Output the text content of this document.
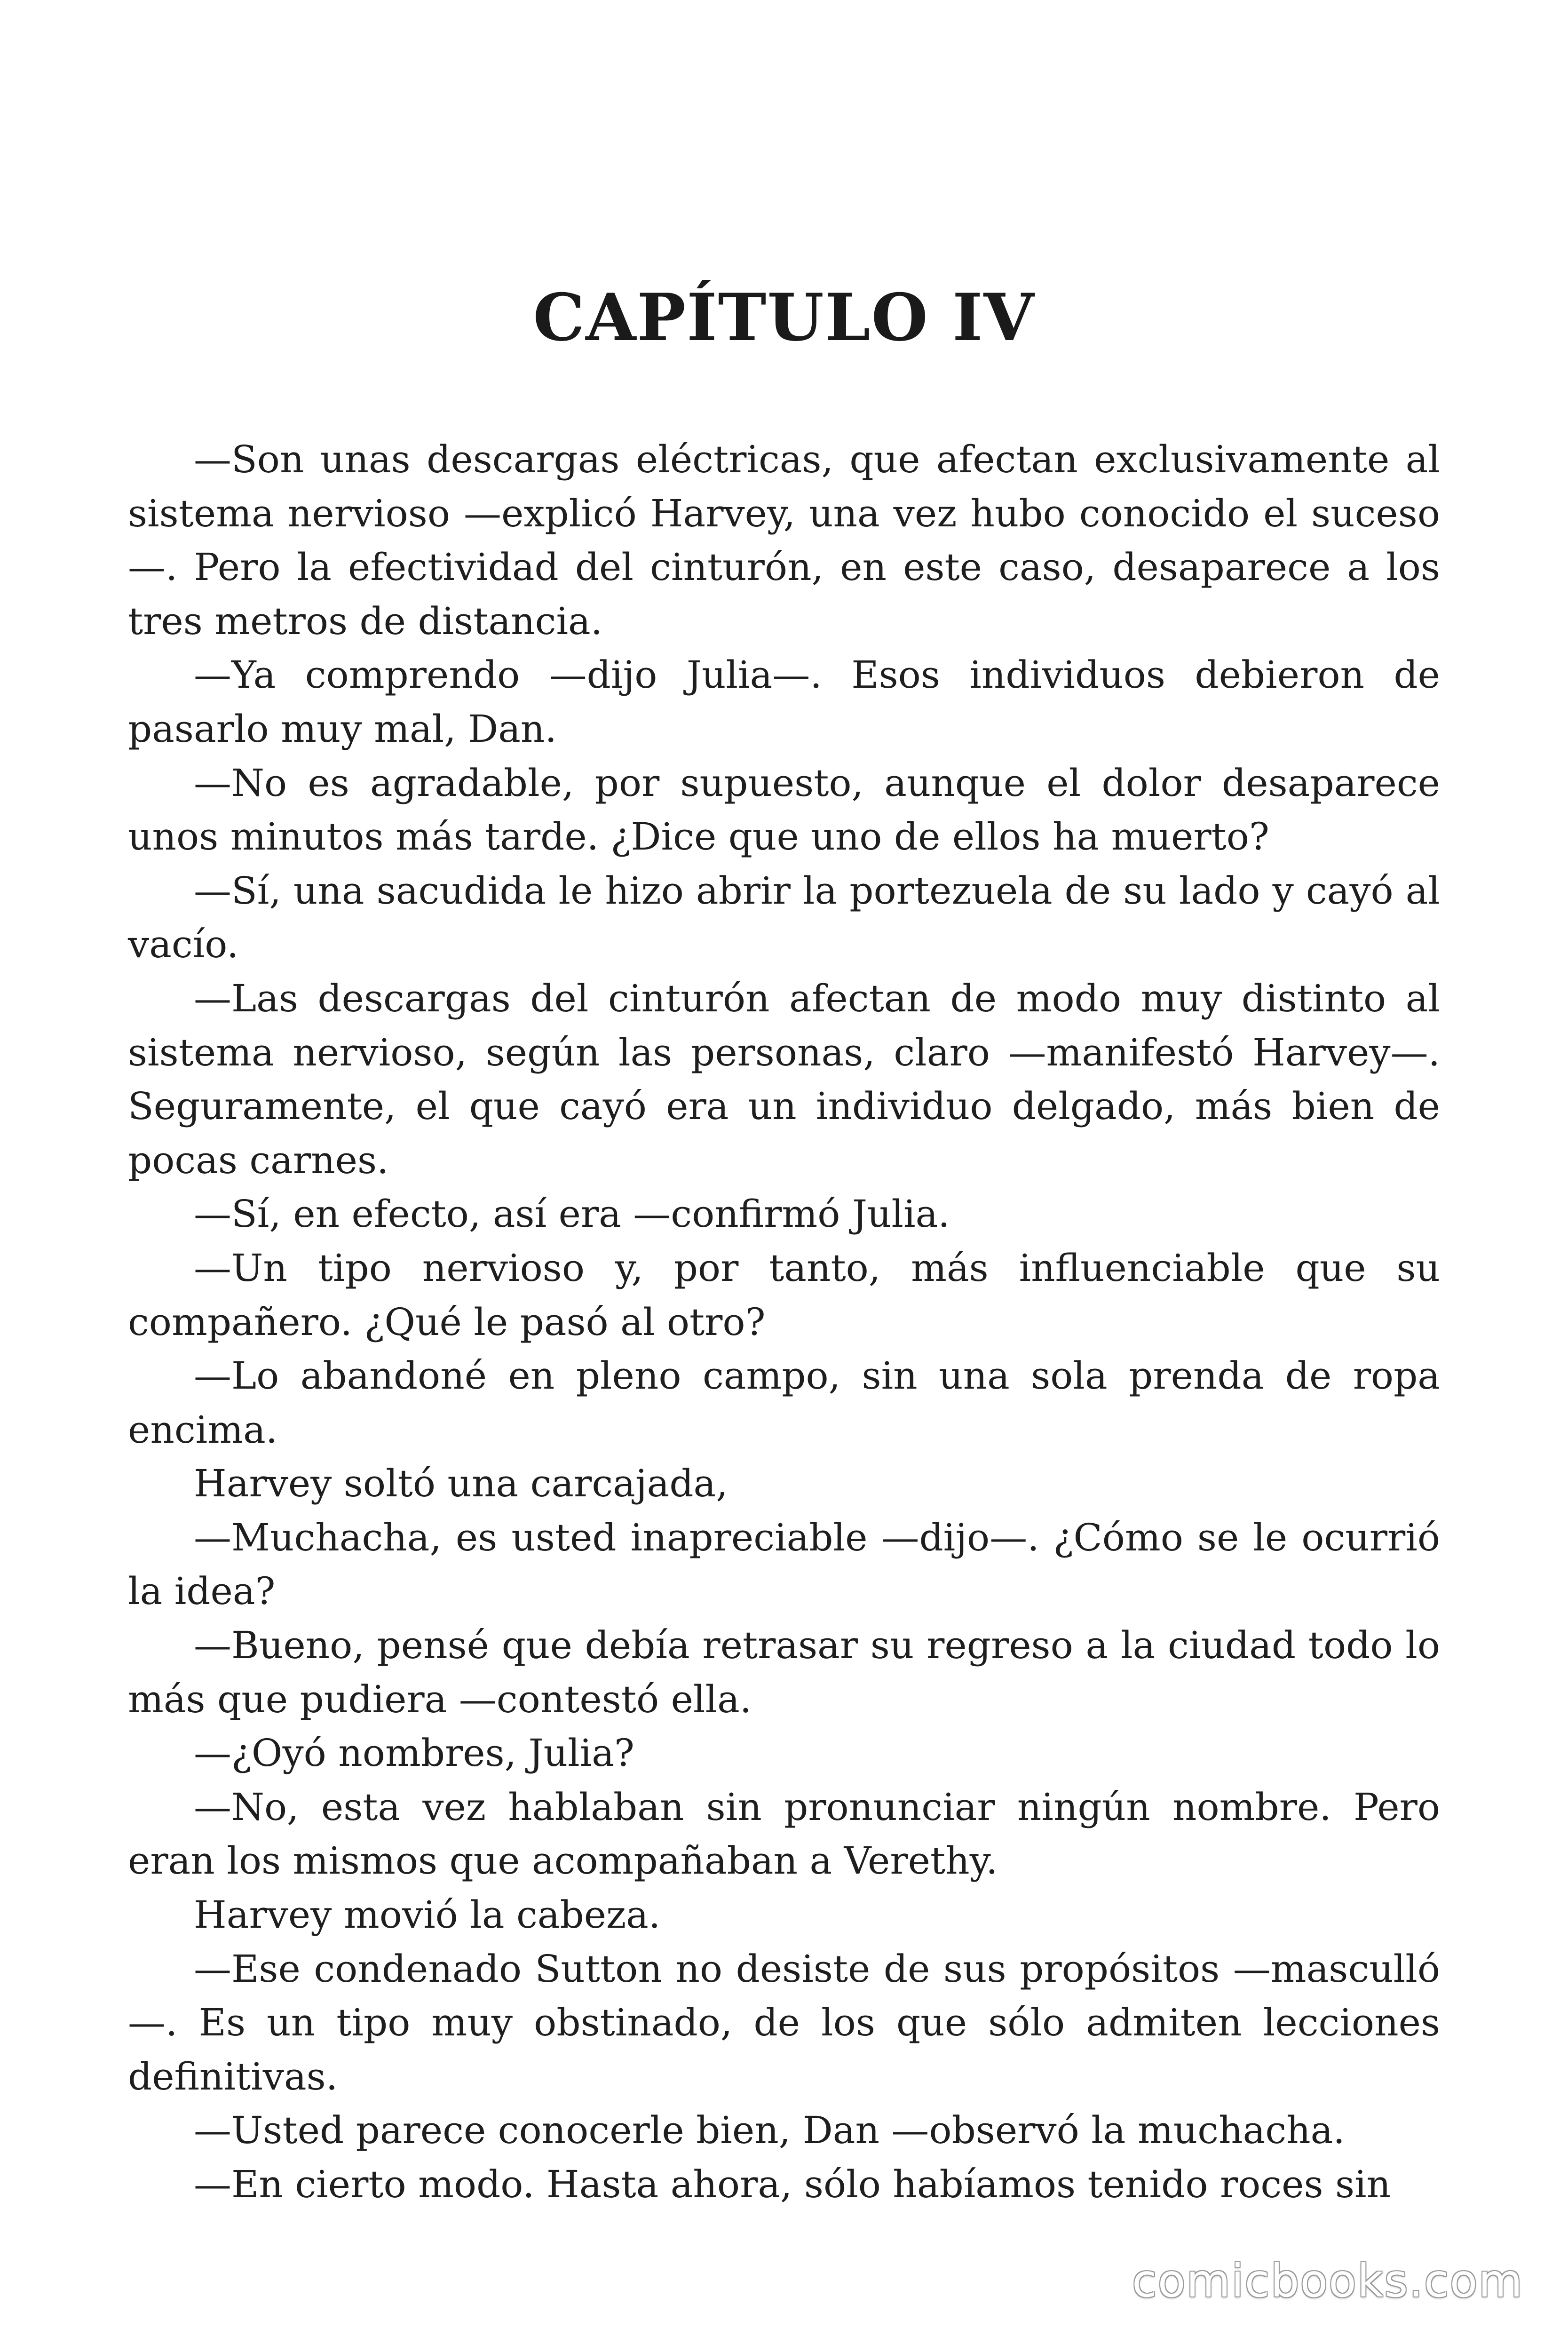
CAPÍTULO IV

—Son unas descargas eléctricas, que afectan exclusivamente al sistema nervioso —explicó Harvey, una vez hubo conocido el suceso —. Pero la efectividad del cinturón, en este caso, desaparece a los tres metros de distancia.

—Ya comprendo —dijo Julia—. Esos individuos debieron de pasarlo muy mal, Dan.

—No es agradable, por supuesto, aunque el dolor desaparece unos minutos más tarde. ¿Dice que uno de ellos ha muerto?

—Sí, una sacudida le hizo abrir la portezuela de su lado y cayó al vacío.

—Las descargas del cinturón afectan de modo muy distinto al sistema nervioso, según las personas, claro —manifestó Harvey—. Seguramente, el que cayó era un individuo delgado, más bien de pocas carnes.

—Sí, en efecto, así era —confirmó Julia.

—Un tipo nervioso y, por tanto, más influenciable que su compañero. ¿Qué le pasó al otro?

—Lo abandoné en pleno campo, sin una sola prenda de ropa encima.

Harvey soltó una carcajada,

—Muchacha, es usted inapreciable —dijo—. ¿Cómo se le ocurrió la idea?

—Bueno, pensé que debía retrasar su regreso a la ciudad todo lo más que pudiera —contestó ella.

—¿Oyó nombres, Julia?

—No, esta vez hablaban sin pronunciar ningún nombre. Pero eran los mismos que acompañaban a Verethy.

Harvey movió la cabeza.

—Ese condenado Sutton no desiste de sus propósitos —masculló —. Es un tipo muy obstinado, de los que sólo admiten lecciones definitivas.

—Usted parece conocerle bien, Dan —observó la muchacha.

—En cierto modo. Hasta ahora, sólo habíamos tenido roces sin

comicbooks.com
